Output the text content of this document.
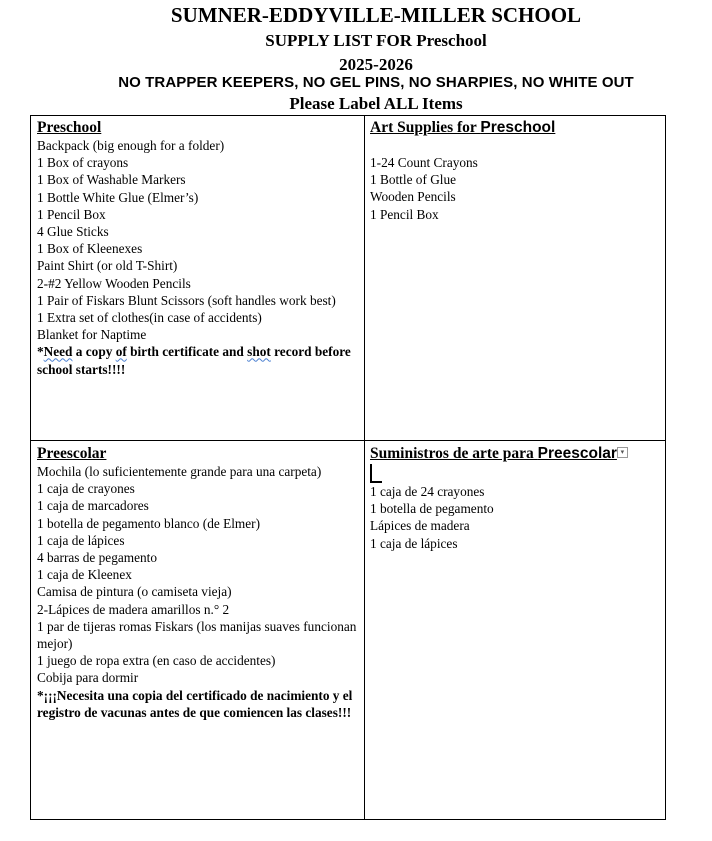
SUMNER-EDDYVILLE-MILLER SCHOOL
SUPPLY LIST FOR Preschool
2025-2026
NO TRAPPER KEEPERS, NO GEL PINS, NO SHARPIES, NO WHITE OUT
Please Label ALL Items
Preschool
Backpack (big enough for a folder)
1 Box of crayons
1 Box of Washable Markers
1 Bottle White Glue (Elmer’s)
1 Pencil Box
4 Glue Sticks
1 Box of Kleenexes
Paint Shirt (or old T-Shirt)
2-#2 Yellow Wooden Pencils
1 Pair of Fiskars Blunt Scissors (soft handles work best)
1 Extra set of clothes(in case of accidents)
Blanket for Naptime
*Need a copy of birth certificate and shot record before school starts!!!!
Art Supplies for Preschool
1-24 Count Crayons
1 Bottle of Glue
Wooden Pencils
1 Pencil Box
Preescolar
Mochila (lo suficientemente grande para una carpeta)
1 caja de crayones
1 caja de marcadores
1 botella de pegamento blanco (de Elmer)
1 caja de lápices
4 barras de pegamento
1 caja de Kleenex
Camisa de pintura (o camiseta vieja)
2-Lápices de madera amarillos n.° 2
1 par de tijeras romas Fiskars (los manijas suaves funcionan mejor)
1 juego de ropa extra (en caso de accidentes)
Cobija para dormir
*¡¡¡Necesita una copia del certificado de nacimiento y el registro de vacunas antes de que comiencen las clases!!!
Suministros de arte para Preescolar ▾
1 caja de 24 crayones
1 botella de pegamento
Lápices de madera
1 caja de lápices
